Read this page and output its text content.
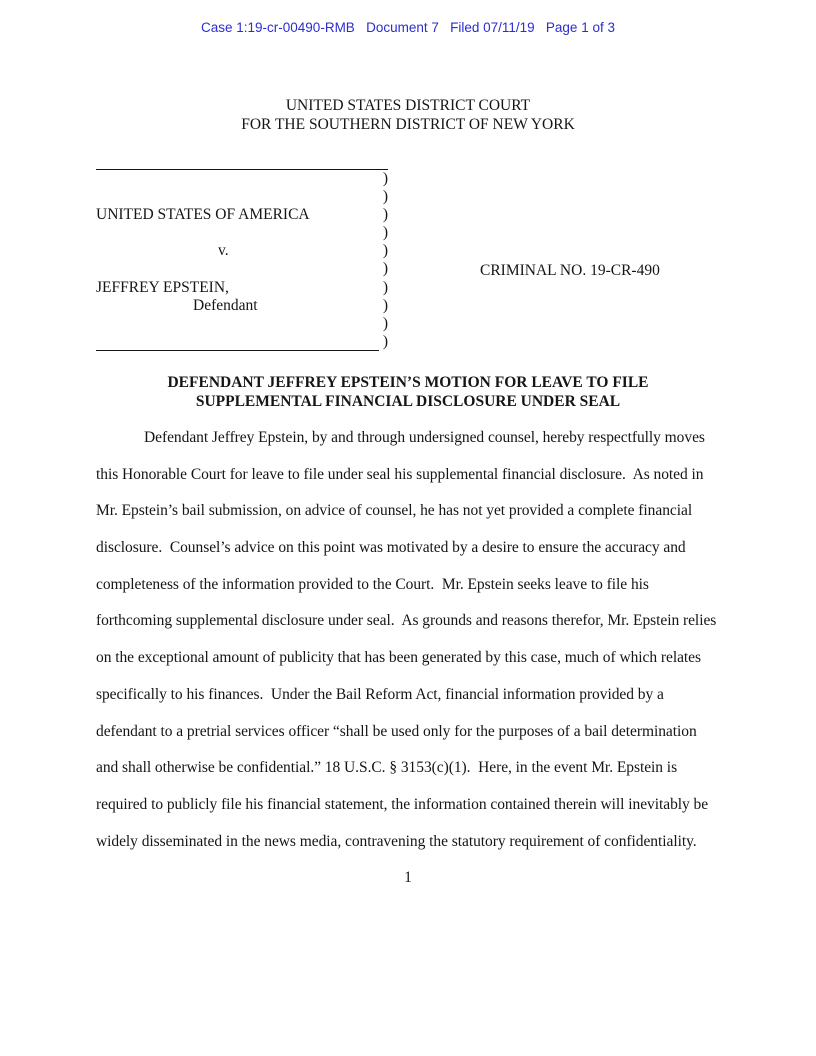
Case 1:19-cr-00490-RMB   Document 7   Filed 07/11/19   Page 1 of 3
UNITED STATES DISTRICT COURT
FOR THE SOUTHERN DISTRICT OF NEW YORK
)
)
UNITED STATES OF AMERICA	)
)
v.	)
)
JEFFREY EPSTEIN,	)
Defendant	)
)
)
CRIMINAL NO. 19-CR-490
DEFENDANT JEFFREY EPSTEIN’S MOTION FOR LEAVE TO FILE
SUPPLEMENTAL FINANCIAL DISCLOSURE UNDER SEAL
Defendant Jeffrey Epstein, by and through undersigned counsel, hereby respectfully moves
this Honorable Court for leave to file under seal his supplemental financial disclosure.  As noted in
Mr. Epstein’s bail submission, on advice of counsel, he has not yet provided a complete financial
disclosure.  Counsel’s advice on this point was motivated by a desire to ensure the accuracy and
completeness of the information provided to the Court.  Mr. Epstein seeks leave to file his
forthcoming supplemental disclosure under seal.  As grounds and reasons therefor, Mr. Epstein relies
on the exceptional amount of publicity that has been generated by this case, much of which relates
specifically to his finances.  Under the Bail Reform Act, financial information provided by a
defendant to a pretrial services officer “shall be used only for the purposes of a bail determination
and shall otherwise be confidential.” 18 U.S.C. § 3153(c)(1).  Here, in the event Mr. Epstein is
required to publicly file his financial statement, the information contained therein will inevitably be
widely disseminated in the news media, contravening the statutory requirement of confidentiality.
1
